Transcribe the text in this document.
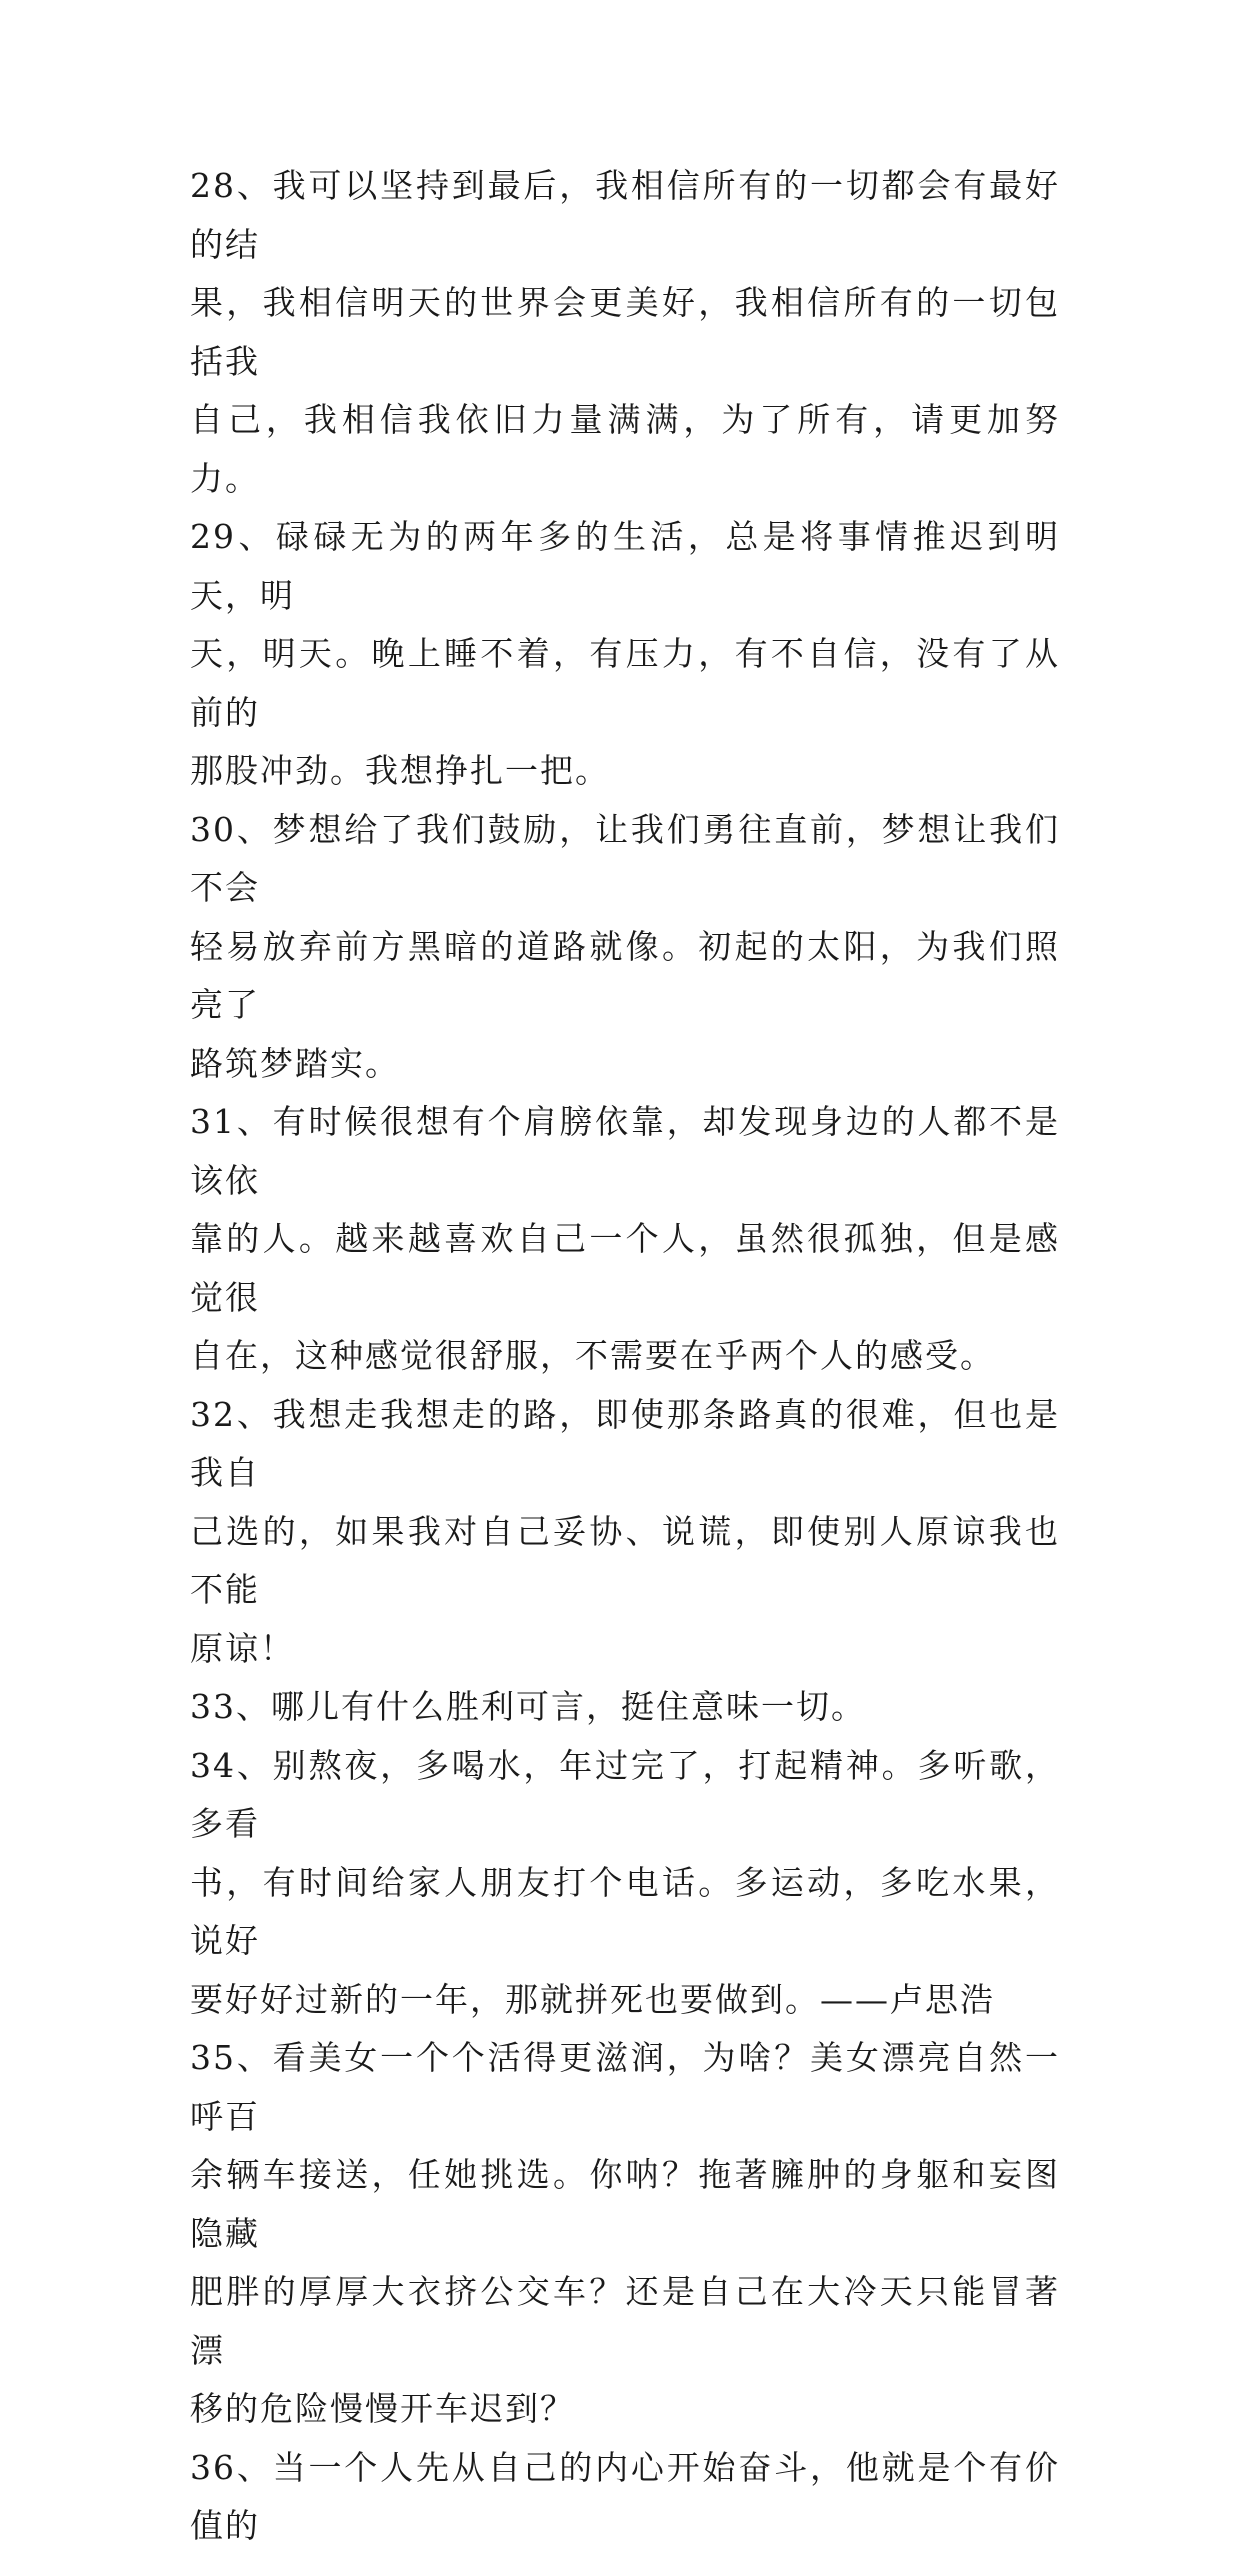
28、我可以坚持到最后，我相信所有的一切都会有最好的结
果，我相信明天的世界会更美好，我相信所有的一切包括我
自己，我相信我依旧力量满满，为了所有，请更加努力。
29、碌碌无为的两年多的生活，总是将事情推迟到明天，明
天，明天。晚上睡不着，有压力，有不自信，没有了从前的
那股冲劲。我想挣扎一把。
30、梦想给了我们鼓励，让我们勇往直前，梦想让我们不会
轻易放弃前方黑暗的道路就像。初起的太阳，为我们照亮了
路筑梦踏实。
31、有时候很想有个肩膀依靠，却发现身边的人都不是该依
靠的人。越来越喜欢自己一个人，虽然很孤独，但是感觉很
自在，这种感觉很舒服，不需要在乎两个人的感受。
32、我想走我想走的路，即使那条路真的很难，但也是我自
己选的，如果我对自己妥协、说谎，即使别人原谅我也不能
原谅！
33、哪儿有什么胜利可言，挺住意味一切。
34、别熬夜，多喝水，年过完了，打起精神。多听歌，多看
书，有时间给家人朋友打个电话。多运动，多吃水果，说好
要好好过新的一年，那就拼死也要做到。——卢思浩
35、看美女一个个活得更滋润，为啥？美女漂亮自然一呼百
余辆车接送，任她挑选。你呐？拖著臃肿的身躯和妄图隐藏
肥胖的厚厚大衣挤公交车？还是自己在大冷天只能冒著漂
移的危险慢慢开车迟到？
36、当一个人先从自己的内心开始奋斗，他就是个有价值的
